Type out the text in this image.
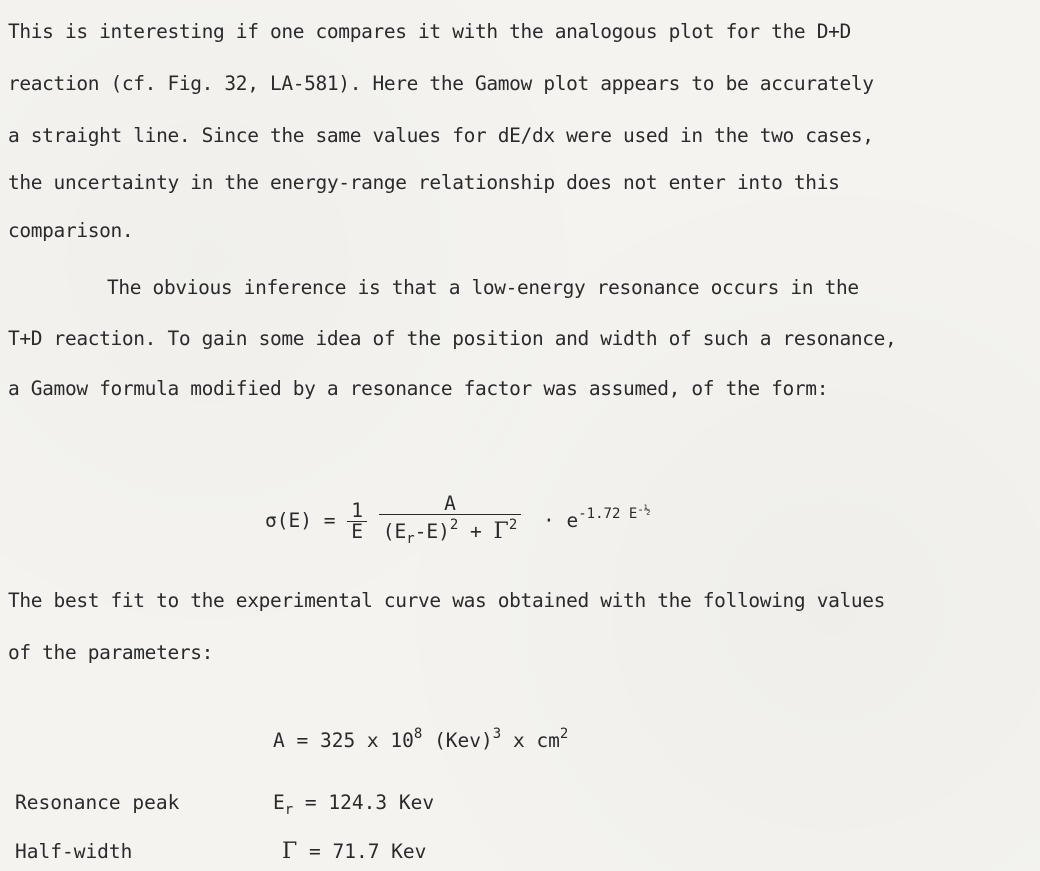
This is interesting if one compares it with the analogous plot for the D+D
reaction (cf. Fig. 32, LA-581). Here the Gamow plot appears to be accurately
a straight line. Since the same values for dE/dx were used in the two cases,
the uncertainty in the energy-range relationship does not enter into this
comparison.
The obvious inference is that a low-energy resonance occurs in the
T+D reaction. To gain some idea of the position and width of such a resonance,
a Gamow formula modified by a resonance factor was assumed, of the form:
$\sigma(E) = \frac{1}{E}$
$\frac{A}{(E_r-E)^2 + \Gamma^2} \cdot e^{-1.72 E-\frac{1}{2}}$
The best fit to the experimental curve was obtained with the following values
of the parameters:
A = 325 x $10^8$ (Kev)$^3$ x $cm^2$
Resonance peak	$E_r = 124.3$ Kev
Half-width	Γ = 71.7 Kev
